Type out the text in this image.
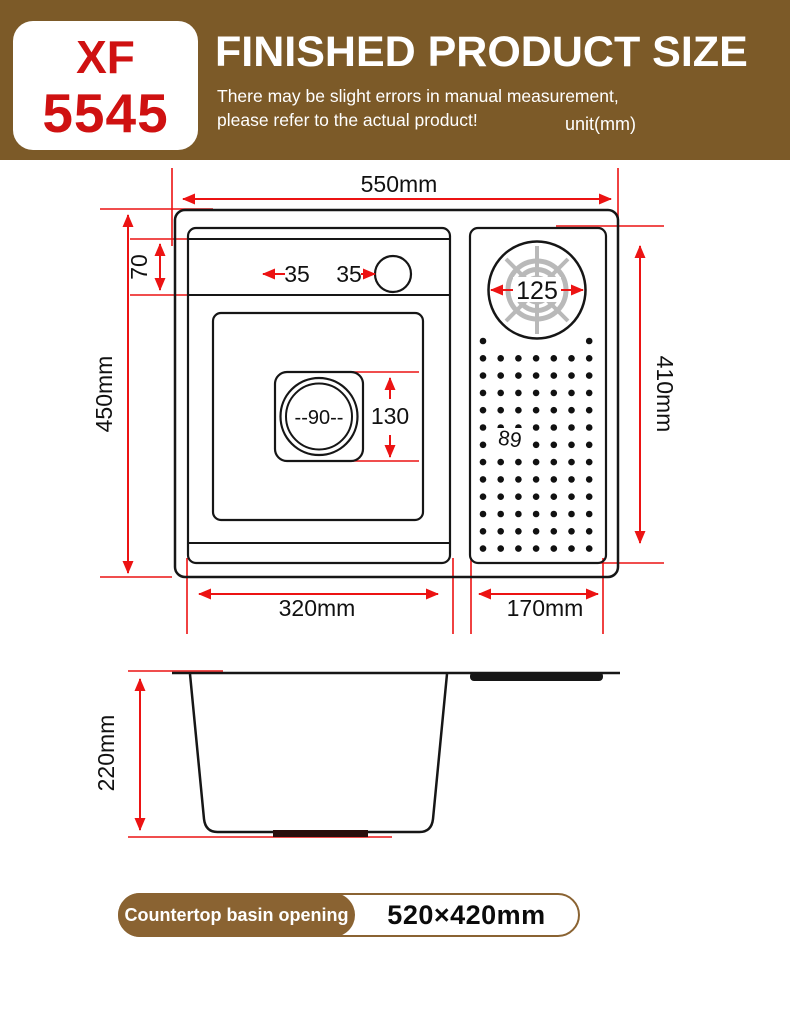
XF
5545
FINISHED PRODUCT SIZE

There may be slight errors in manual measurement,
please refer to the actual product!	unit(mm)
550mm
450mm
70	35 35
125
--90-- 130	410mm
89
320mm	170mm
220mm
Countertop basin opening	520×420mm
